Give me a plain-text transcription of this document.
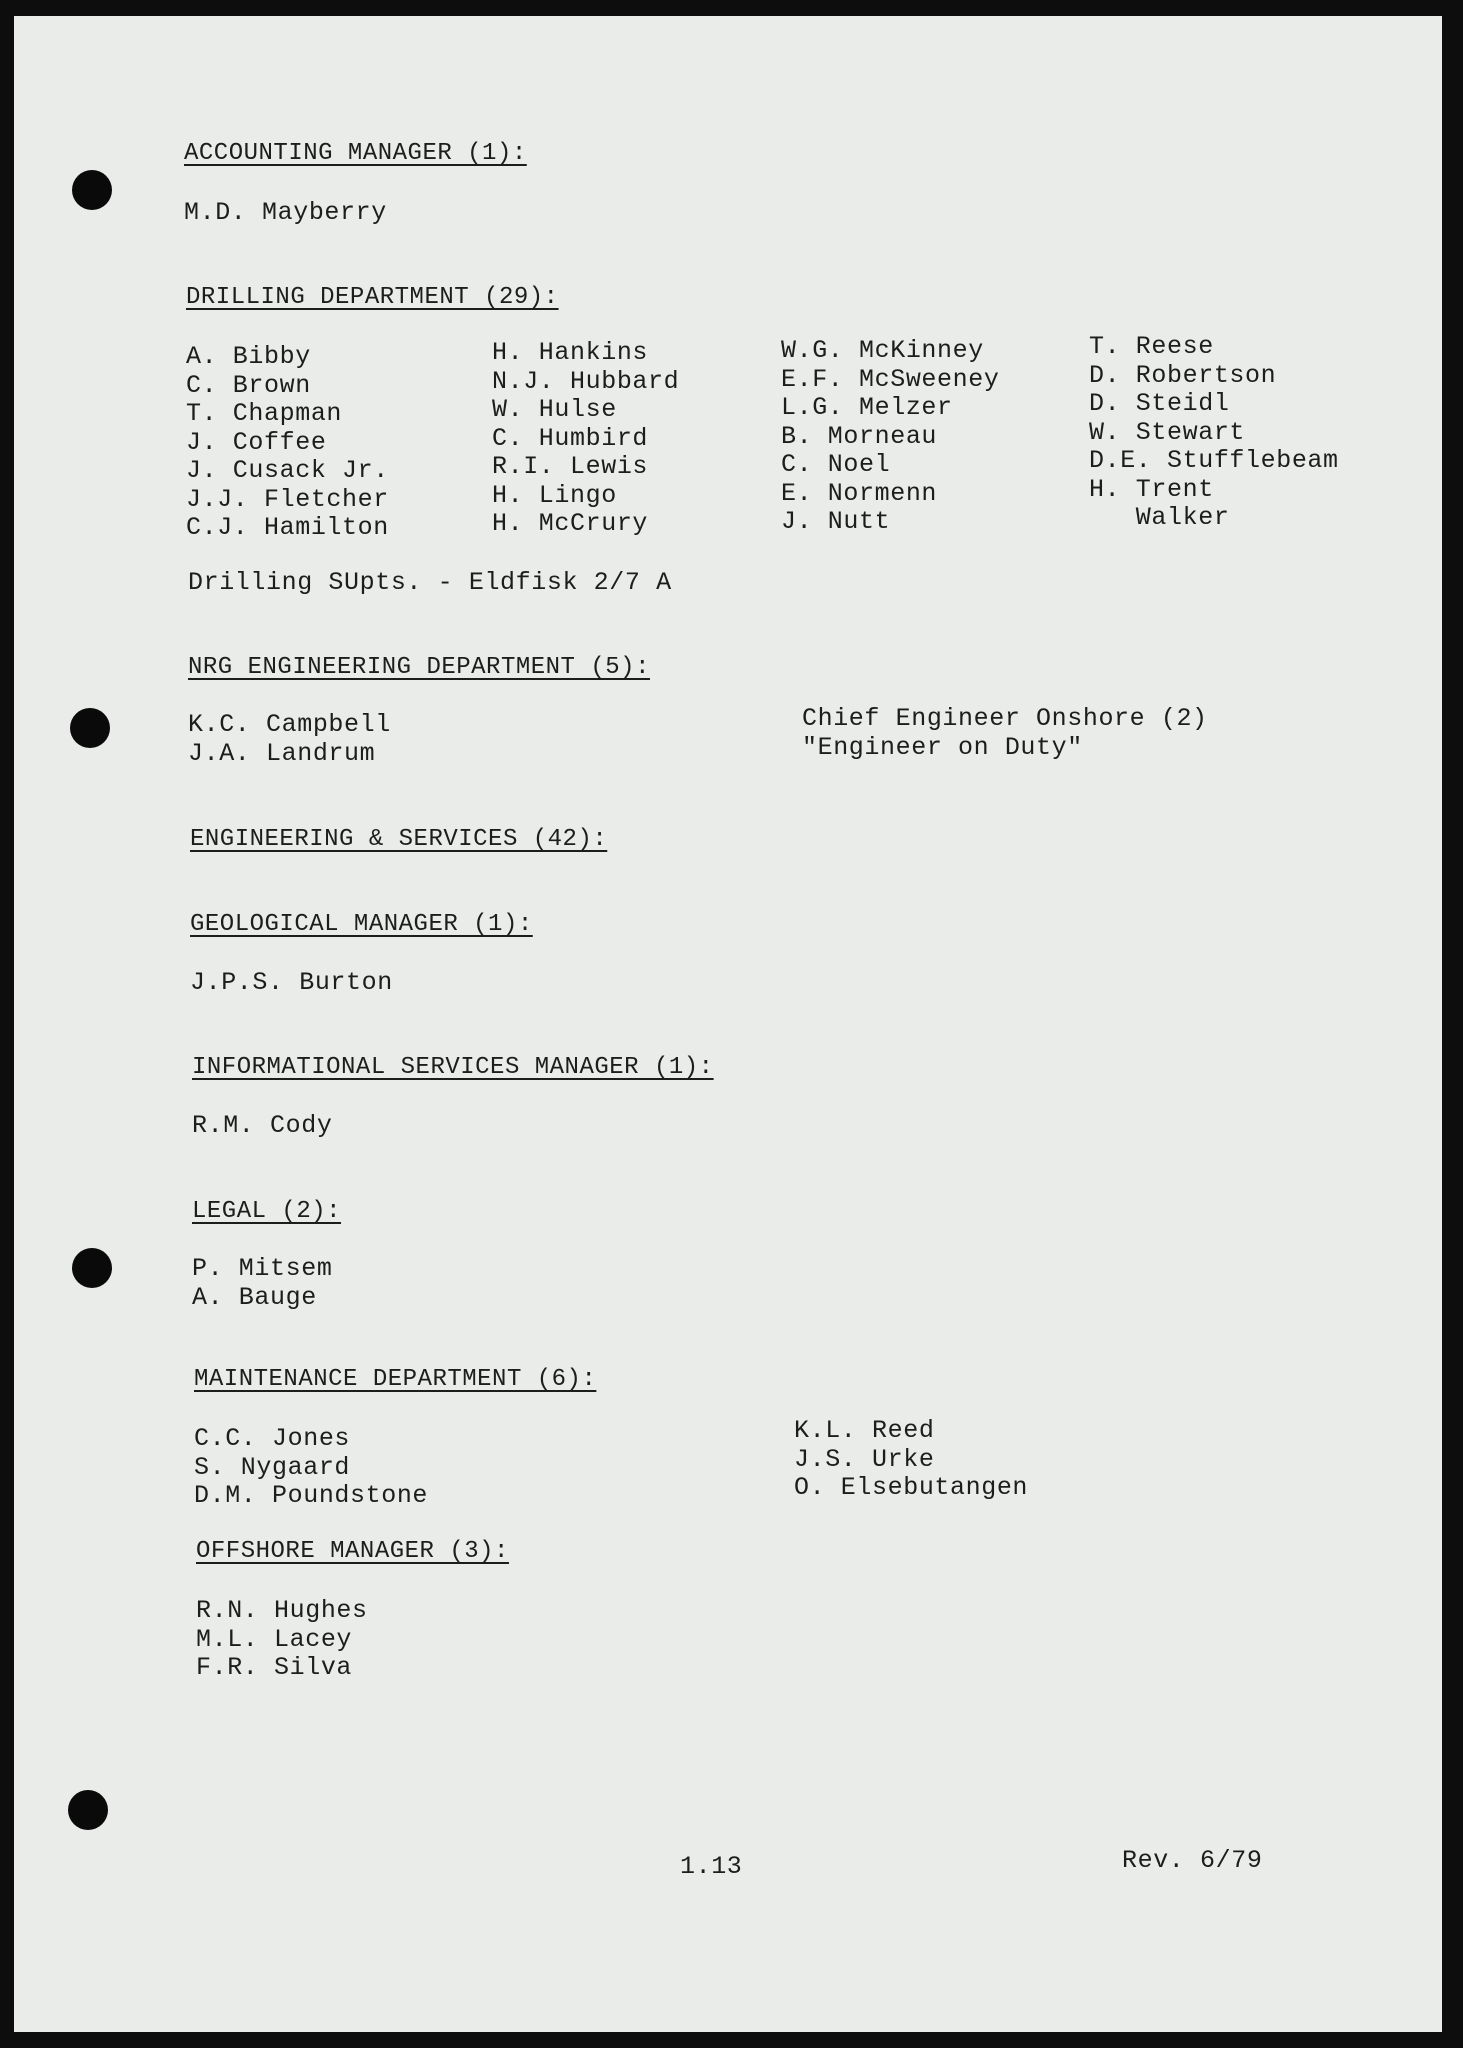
ACCOUNTING MANAGER (1):
M.D. Mayberry
DRILLING DEPARTMENT (29):
A. Bibby
C. Brown
T. Chapman
J. Coffee
J. Cusack Jr.
J.J. Fletcher
C.J. Hamilton
H. Hankins
N.J. Hubbard
W. Hulse
C. Humbird
R.I. Lewis
H. Lingo
H. McCrury
W.G. McKinney
E.F. McSweeney
L.G. Melzer
B. Morneau
C. Noel
E. Normenn
J. Nutt
T. Reese
D. Robertson
D. Steidl
W. Stewart
D.E. Stufflebeam
H. Trent
Walker
Drilling SUpts. - Eldfisk 2/7 A
NRG ENGINEERING DEPARTMENT (5):
K.C. Campbell
J.A. Landrum
Chief Engineer Onshore (2)
"Engineer on Duty"
ENGINEERING & SERVICES (42):
GEOLOGICAL MANAGER (1):
J.P.S. Burton
INFORMATIONAL SERVICES MANAGER (1):
R.M. Cody
LEGAL (2):
P. Mitsem
A. Bauge
MAINTENANCE DEPARTMENT (6):
C.C. Jones
S. Nygaard
D.M. Poundstone
K.L. Reed
J.S. Urke
O. Elsebutangen
OFFSHORE MANAGER (3):
R.N. Hughes
M.L. Lacey
F.R. Silva
1.13	Rev. 6/79
